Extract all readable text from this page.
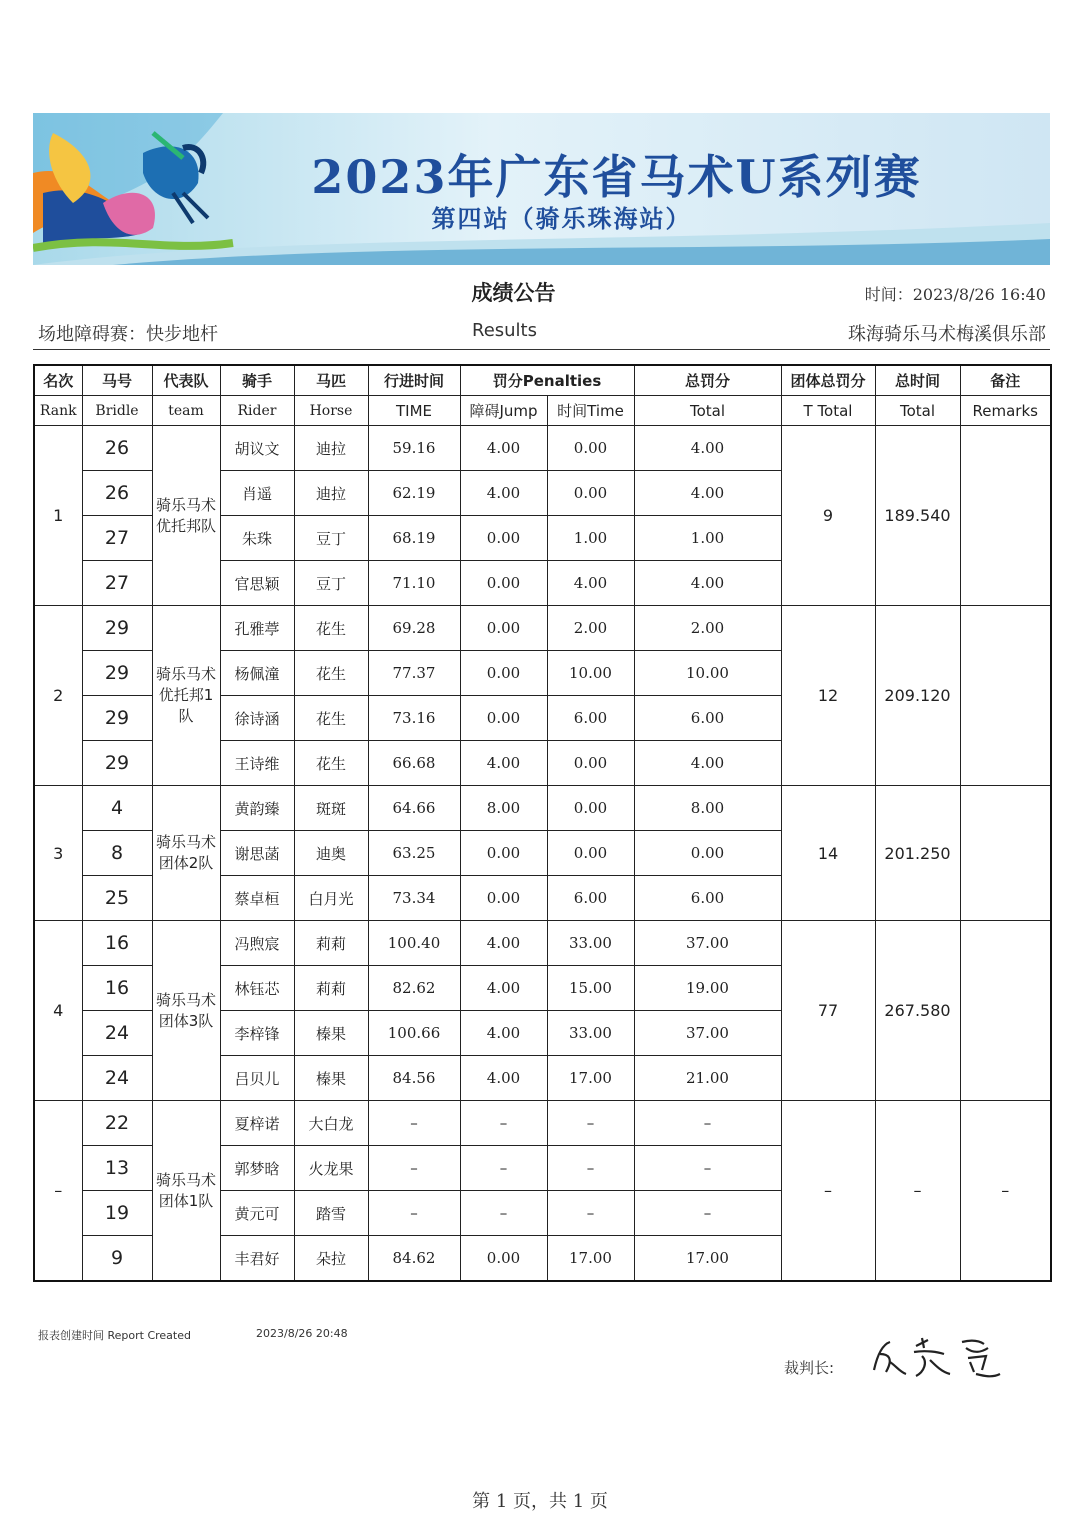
2023年广东省马术U系列赛
第四站（骑乐珠海站）
成绩公告	时间：2023/8/26 16:40
场地障碍赛：快步地杆	Results	珠海骑乐马术梅溪俱乐部
名次	马号	代表队	骑手	马匹	行进时间	罚分Penalties		总罚分	团体总罚分	总时间	备注
Rank	Bridle	team	Rider	Horse	TIME	障碍Jump	时间Time	Total	T Total	Total	Remarks
1	26	骑乐马术优托邦队	胡议文	迪拉	59.16	4.00	0.00	4.00	9	189.540	
	26		肖遥	迪拉	62.19	4.00	0.00	4.00			
	27		朱珠	豆丁	68.19	0.00	1.00	1.00			
	27		官思颖	豆丁	71.10	0.00	4.00	4.00			
2	29	骑乐马术优托邦1队	孔雅葶	花生	69.28	0.00	2.00	2.00	12	209.120	
	29		杨佩潼	花生	77.37	0.00	10.00	10.00			
	29		徐诗涵	花生	73.16	0.00	6.00	6.00			
	29		王诗维	花生	66.68	4.00	0.00	4.00			
3	4	骑乐马术团体2队	黄韵臻	斑斑	64.66	8.00	0.00	8.00	14	201.250	
	8		谢思菡	迪奥	63.25	0.00	0.00	0.00			
	25		蔡卓桓	白月光	73.34	0.00	6.00	6.00			
4	16	骑乐马术团体3队	冯煦宸	莉莉	100.40	4.00	33.00	37.00	77	267.580	
	16		林钰芯	莉莉	82.62	4.00	15.00	19.00			
	24		李梓锋	榛果	100.66	4.00	33.00	37.00			
	24		吕贝儿	榛果	84.56	4.00	17.00	21.00			
–	22	骑乐马术团体1队	夏梓诺	大白龙	–	–	–	–	–	–	–
	13		郭梦晗	火龙果	–	–	–	–			
	19		黄元可	踏雪	–	–	–	–			
	9		丰君好	朵拉	84.62	0.00	17.00	17.00			
报表创建时间 Report Created	2023/8/26 20:48
裁判长:
第 1 页，共 1 页
